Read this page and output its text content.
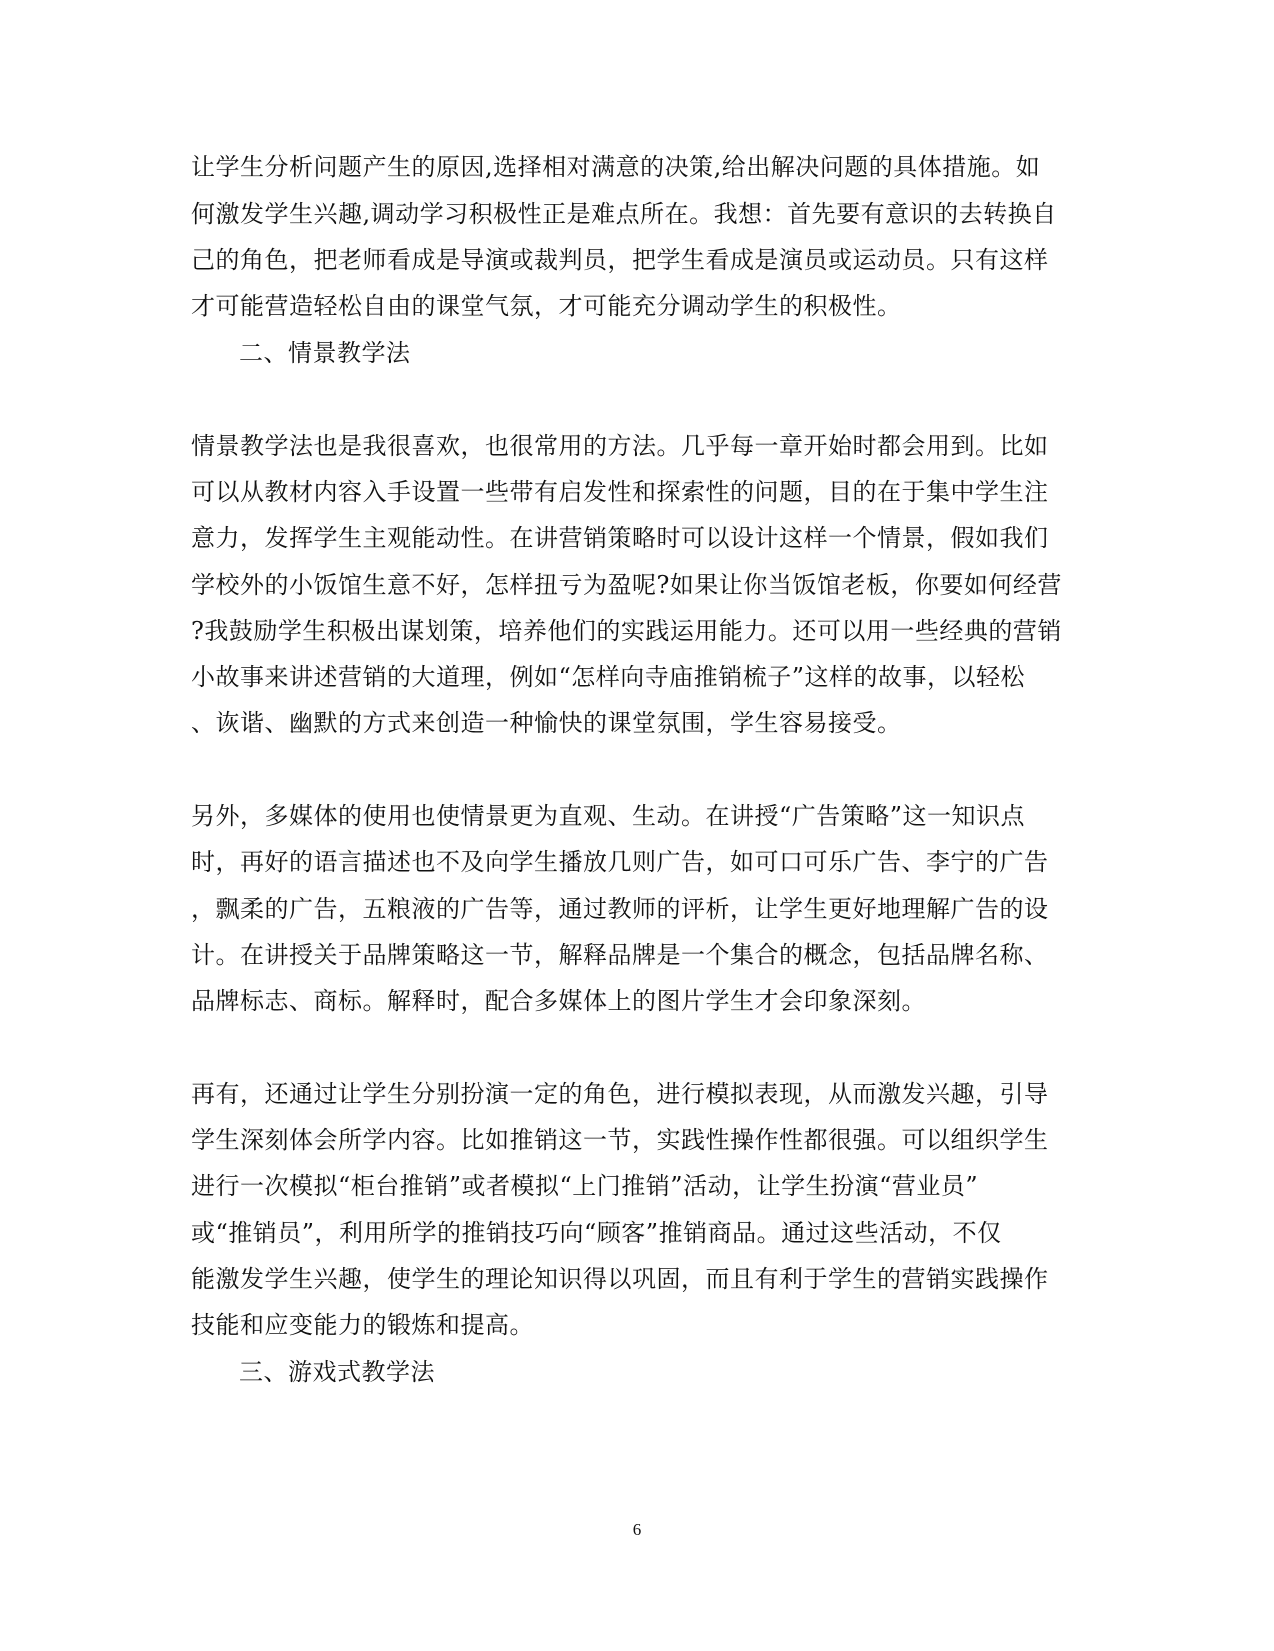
让学生分析问题产生的原因,选择相对满意的决策,给出解决问题的具体措施。如
何激发学生兴趣,调动学习积极性正是难点所在。我想：首先要有意识的去转换自
己的角色，把老师看成是导演或裁判员，把学生看成是演员或运动员。只有这样
才可能营造轻松自由的课堂气氛，才可能充分调动学生的积极性。
二、情景教学法
情景教学法也是我很喜欢，也很常用的方法。几乎每一章开始时都会用到。比如
可以从教材内容入手设置一些带有启发性和探索性的问题，目的在于集中学生注
意力，发挥学生主观能动性。在讲营销策略时可以设计这样一个情景，假如我们
学校外的小饭馆生意不好，怎样扭亏为盈呢?如果让你当饭馆老板，你要如何经营
?我鼓励学生积极出谋划策，培养他们的实践运用能力。还可以用一些经典的营销
小故事来讲述营销的大道理，例如“怎样向寺庙推销梳子”这样的故事，以轻松
、诙谐、幽默的方式来创造一种愉快的课堂氛围，学生容易接受。
另外，多媒体的使用也使情景更为直观、生动。在讲授“广告策略”这一知识点
时，再好的语言描述也不及向学生播放几则广告，如可口可乐广告、李宁的广告
，飘柔的广告，五粮液的广告等，通过教师的评析，让学生更好地理解广告的设
计。在讲授关于品牌策略这一节，解释品牌是一个集合的概念，包括品牌名称、
品牌标志、商标。解释时，配合多媒体上的图片学生才会印象深刻。
再有，还通过让学生分别扮演一定的角色，进行模拟表现，从而激发兴趣，引导
学生深刻体会所学内容。比如推销这一节，实践性操作性都很强。可以组织学生
进行一次模拟“柜台推销”或者模拟“上门推销”活动，让学生扮演“营业员”
或“推销员”，利用所学的推销技巧向“顾客”推销商品。通过这些活动，不仅
能激发学生兴趣，使学生的理论知识得以巩固，而且有利于学生的营销实践操作
技能和应变能力的锻炼和提高。
三、游戏式教学法
6
